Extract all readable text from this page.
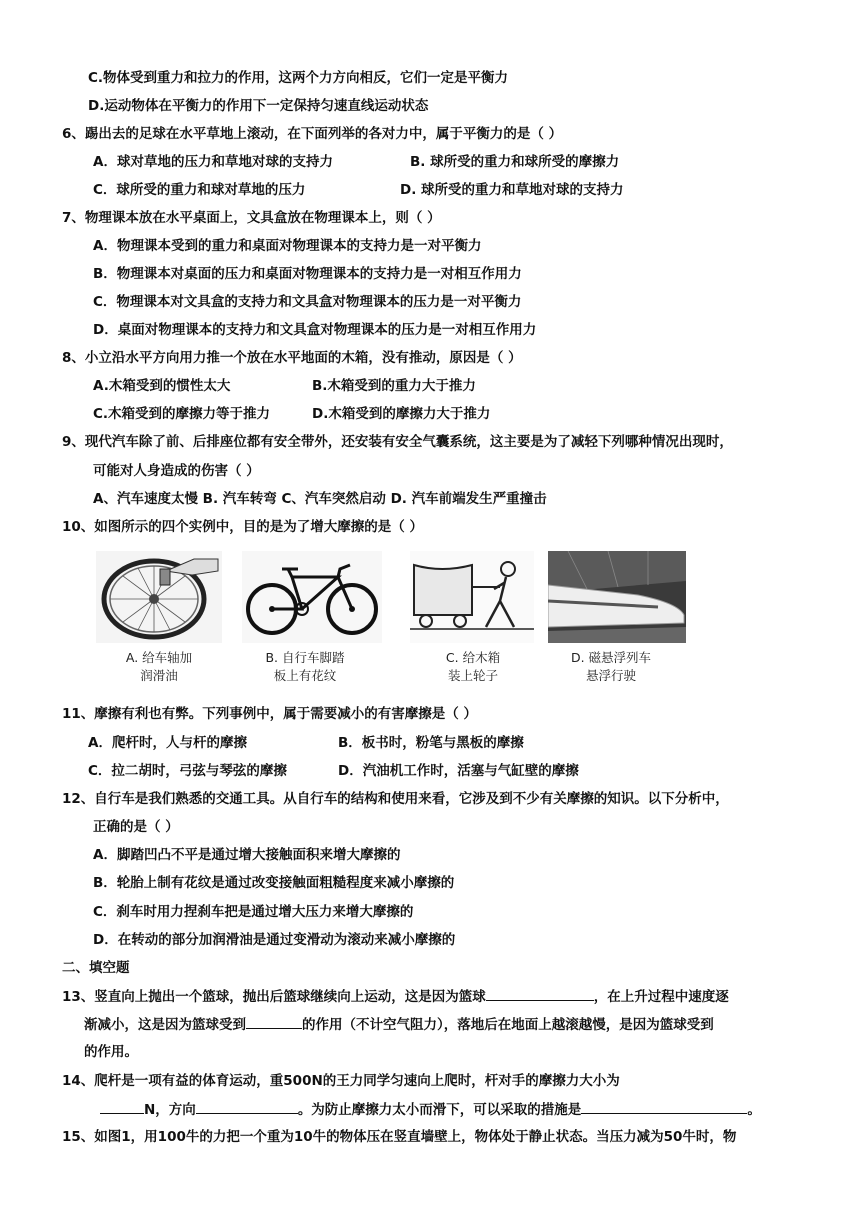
C.物体受到重力和拉力的作用，这两个力方向相反，它们一定是平衡力
D.运动物体在平衡力的作用下一定保持匀速直线运动状态
6、踢出去的足球在水平草地上滚动，在下面列举的各对力中，属于平衡力的是（ ）
A．球对草地的压力和草地对球的支持力	B. 球所受的重力和球所受的摩擦力
C．球所受的重力和球对草地的压力	D. 球所受的重力和草地对球的支持力
7、物理课本放在水平桌面上，文具盒放在物理课本上，则（ ）
A．物理课本受到的重力和桌面对物理课本的支持力是一对平衡力
B．物理课本对桌面的压力和桌面对物理课本的支持力是一对相互作用力
C．物理课本对文具盒的支持力和文具盒对物理课本的压力是一对平衡力
D．桌面对物理课本的支持力和文具盒对物理课本的压力是一对相互作用力
8、小立沿水平方向用力推一个放在水平地面的木箱，没有推动，原因是（ ）
A.木箱受到的惯性太大	B.木箱受到的重力大于推力
C.木箱受到的摩擦力等于推力	D.木箱受到的摩擦力大于推力
9、现代汽车除了前、后排座位都有安全带外，还安装有安全气囊系统，这主要是为了减轻下列哪种情况出现时，
可能对人身造成的伤害（ ）
A、汽车速度太慢 B. 汽车转弯 C、汽车突然启动 D. 汽车前端发生严重撞击
10、如图所示的四个实例中，目的是为了增大摩擦的是（ ）
A. 给车轴加
润滑油
B. 自行车脚踏
板上有花纹
C. 给木箱
装上轮子
D. 磁悬浮列车
悬浮行驶
11、摩擦有利也有弊。下列事例中，属于需要减小的有害摩擦是（ ）
A．爬杆时，人与杆的摩擦	B．板书时，粉笔与黑板的摩擦
C．拉二胡时，弓弦与琴弦的摩擦	D．汽油机工作时，活塞与气缸壁的摩擦
12、自行车是我们熟悉的交通工具。从自行车的结构和使用来看，它涉及到不少有关摩擦的知识。以下分析中，
正确的是（ ）
A．脚踏凹凸不平是通过增大接触面积来增大摩擦的
B．轮胎上制有花纹是通过改变接触面粗糙程度来减小摩擦的
C．刹车时用力捏刹车把是通过增大压力来增大摩擦的
D．在转动的部分加润滑油是通过变滑动为滚动来减小摩擦的
二、填空题
13、竖直向上抛出一个篮球，抛出后篮球继续向上运动，这是因为篮球	，在上升过程中速度逐
渐减小，这是因为篮球受到	的作用（不计空气阻力），落地后在地面上越滚越慢，是因为篮球受到
的作用。
14、爬杆是一项有益的体育运动，重500N的王力同学匀速向上爬时，杆对手的摩擦力大小为
N，方向	。为防止摩擦力太小而滑下，可以采取的措施是	。
15、如图1，用100牛的力把一个重为10牛的物体压在竖直墙壁上，物体处于静止状态。当压力减为50牛时，物
